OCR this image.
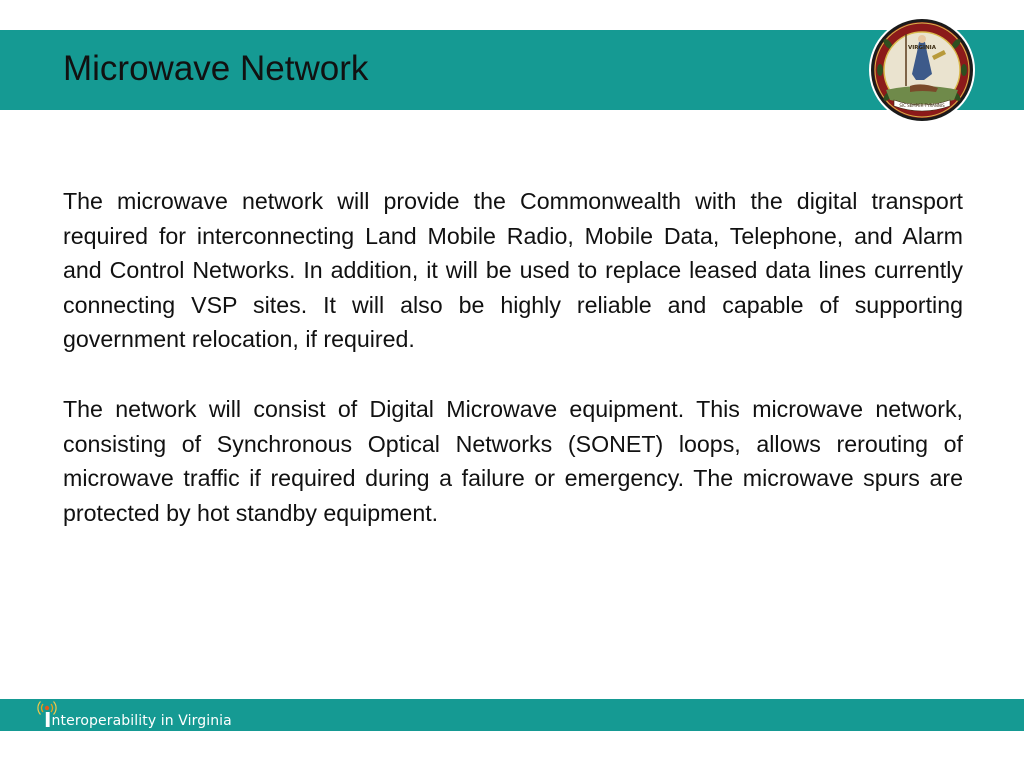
Microwave Network
VIRGINIA
SIC SEMPER TYRANNIS

The microwave network will provide the Commonwealth with the digital transport required for interconnecting Land Mobile Radio, Mobile Data, Telephone, and Alarm and Control Networks. In addition, it will be used to replace leased data lines currently connecting VSP sites. It will also be highly reliable and capable of supporting government relocation, if required.

The network will consist of Digital Microwave equipment. This microwave network, consisting of Synchronous Optical Networks (SONET) loops, allows rerouting of microwave traffic if required during a failure or emergency. The microwave spurs are protected by hot standby equipment.

Interoperability in Virginia
